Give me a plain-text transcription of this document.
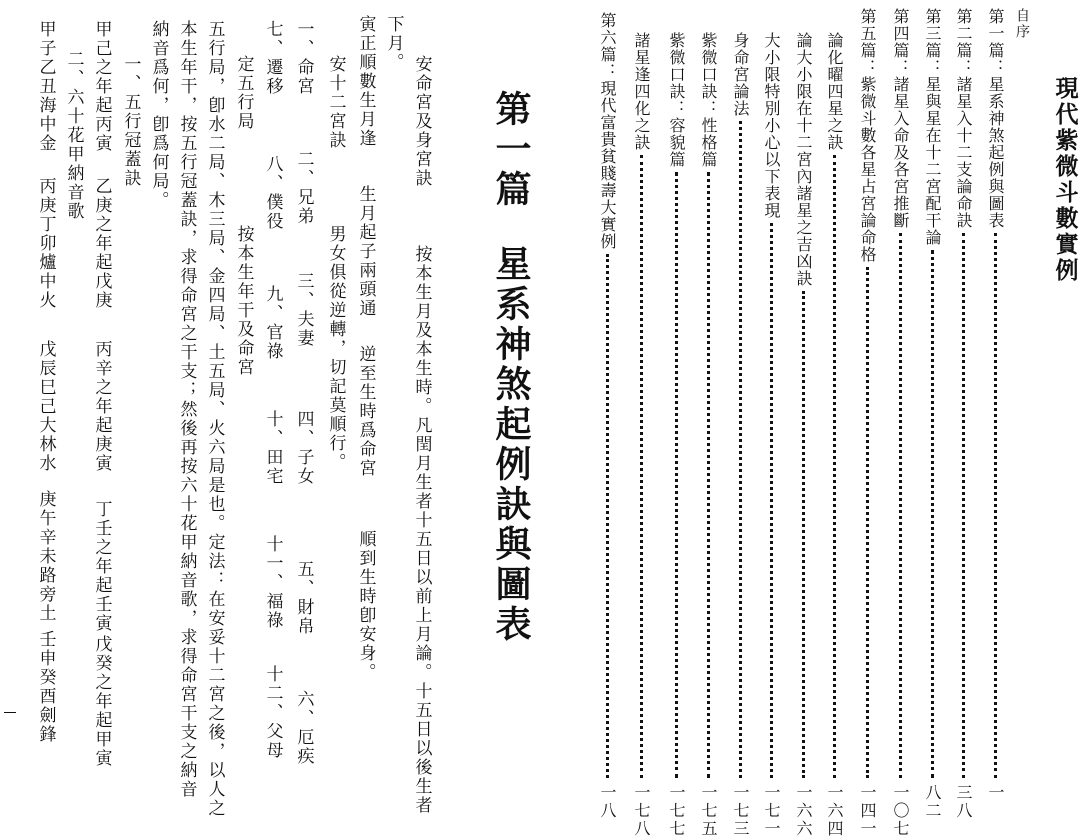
現代紫微斗數實例
自序
第一篇：星系神煞起例與圖表
一
第二篇：諸星入十二支論命訣
三八
第三篇：星與星在十二宮配干論
八二
第四篇：諸星入命及各宮推斷
一〇七
第五篇：紫微斗數各星占宮論命格
一四一
論化曜四星之訣
一六四
論大小限在十二宮內諸星之吉凶訣
一六六
大小限特別小心以下表現
一七一
身命宮論法
一七三
紫微口訣：性格篇
一七五
紫微口訣：容貌篇
一七七
諸星逢四化之訣
一七八
第六篇：現代富貴貧賤壽大實例
一八
第一篇
星系神煞起例訣與圖表
安命宮及身宮訣
按本生月及本生時。凡閏月生者十五日以前上月論。十五日以後生者
下月。
寅正順數生月逢
生月起子兩頭通
逆至生時爲命宮
順到生時卽安身。
安十二宮訣
男女俱從逆轉，切記莫順行。
一、命宮
二、兄弟
三、夫妻
四、子女
五、財帛
六、厄疾
七、遷移
八、僕役
九、官祿
十、田宅
十一、福祿
十二、父母
定五行局
按本生年干及命宮
五行局，卽水二局、木三局、金四局、土五局、火六局是也。定法：在安妥十二宮之後，以人之
本生年干，按五行冠蓋訣，求得命宮之干支；然後再按六十花甲納音歌，求得命宮干支之納音
納音爲何，卽爲何局。
一、五行冠蓋訣
甲己之年起丙寅
乙庚之年起戊庚
丙辛之年起庚寅
丁壬之年起壬寅
戊癸之年起甲寅
二、六十花甲納音歌
甲子乙丑海中金
丙庚丁卯爐中火
戊辰巳己大林水
庚午辛未路旁土
壬申癸酉劍鋒
